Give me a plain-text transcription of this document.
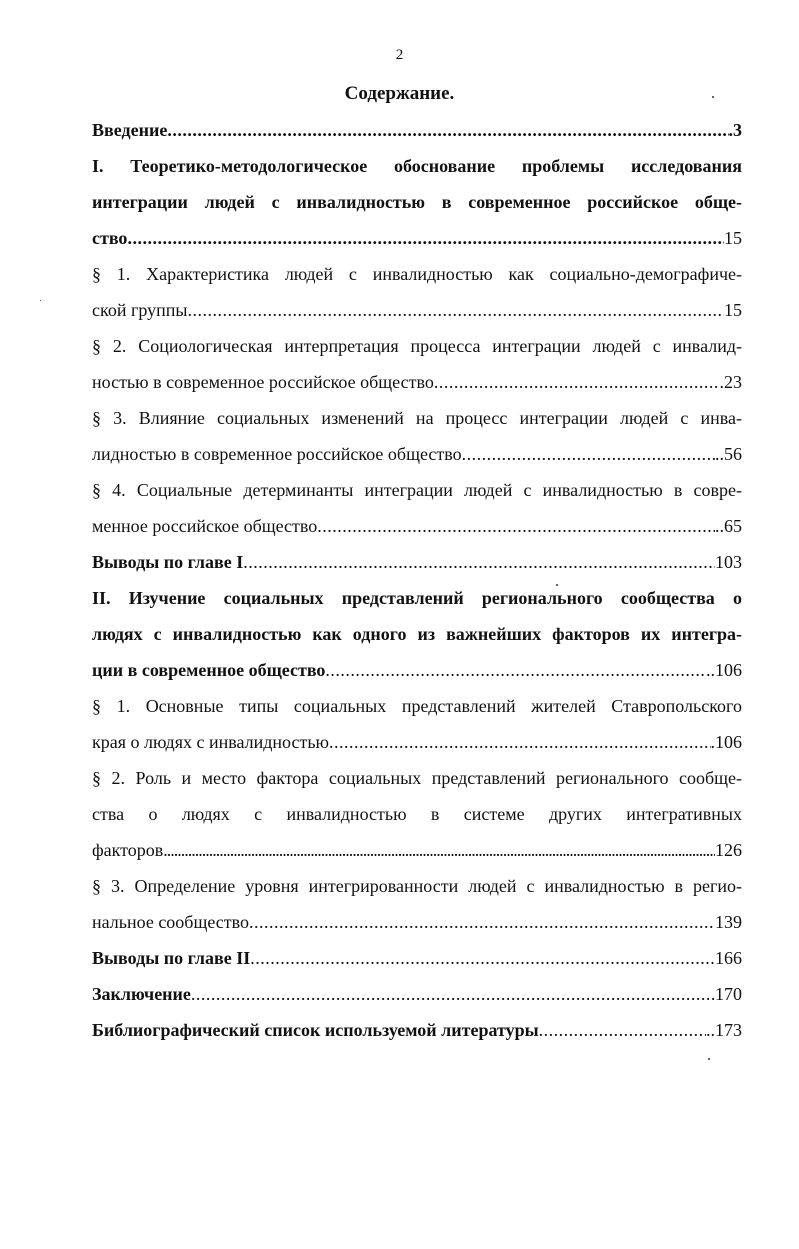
2
Содержание.
Введение .....	.3
I. Теоретико-методологическое обоснование проблемы исследования
интеграции людей с инвалидностью в современное российское обще-
ство .....	15
§ 1. Характеристика людей с инвалидностью как социально-демографиче-
ской группы .....	15
§ 2. Социологическая интерпретация процесса интеграции людей с инвалид-
ностью в современное российское общество .....	.23
§ 3. Влияние социальных изменений на процесс интеграции людей с инва-
лидностью в современное российское общество .....	..56
§ 4. Социальные детерминанты интеграции людей с инвалидностью в совре-
менное российское общество .....	..65
Выводы по главе I .....	103
II. Изучение социальных представлений регионального сообщества о
людях с инвалидностью как одного из важнейших факторов их интегра-
ции в современное общество .....	..106
§ 1. Основные типы социальных представлений жителей Ставропольского
края о людях с инвалидностью .....	.106
§ 2. Роль и место фактора социальных представлений регионального сообще-
ства о людях с инвалидностью в системе других интегративных
факторов .....	126
§ 3. Определение уровня интегрированности людей с инвалидностью в регио-
нальное сообщество .....	139
Выводы по главе II .....	166
Заключение .....	170
Библиографический список используемой литературы .....	..173
